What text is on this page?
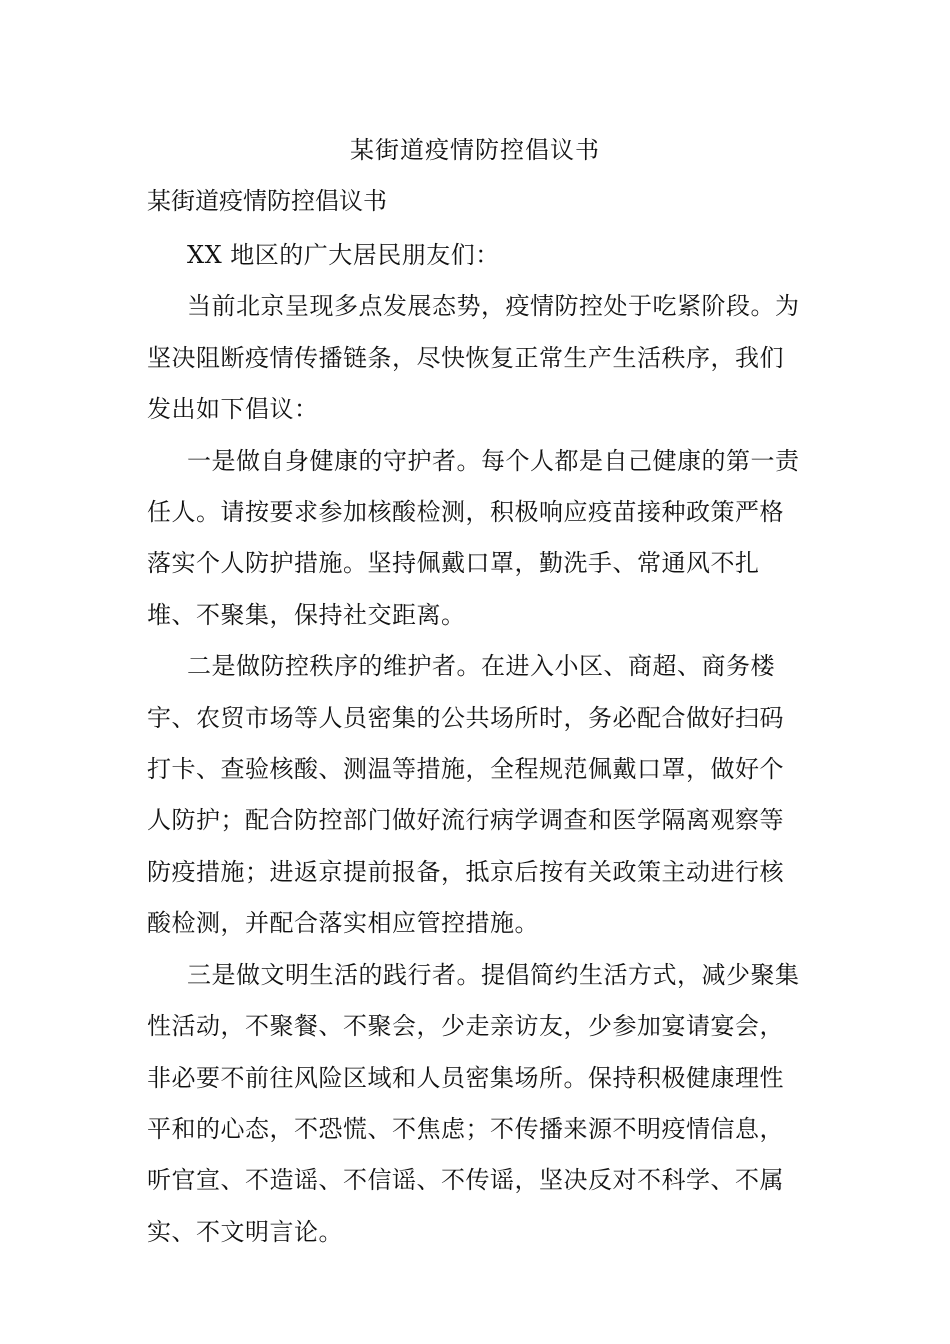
某街道疫情防控倡议书
某街道疫情防控倡议书

XX 地区的广大居民朋友们：

当前北京呈现多点发展态势，疫情防控处于吃紧阶段。为坚决阻断疫情传播链条，尽快恢复正常生产生活秩序，我们发出如下倡议：

一是做自身健康的守护者。每个人都是自己健康的第一责任人。请按要求参加核酸检测，积极响应疫苗接种政策严格落实个人防护措施。坚持佩戴口罩，勤洗手、常通风不扎堆、不聚集，保持社交距离。

二是做防控秩序的维护者。在进入小区、商超、商务楼宇、农贸市场等人员密集的公共场所时，务必配合做好扫码打卡、查验核酸、测温等措施，全程规范佩戴口罩，做好个人防护；配合防控部门做好流行病学调查和医学隔离观察等防疫措施；进返京提前报备，抵京后按有关政策主动进行核酸检测，并配合落实相应管控措施。

三是做文明生活的践行者。提倡简约生活方式，减少聚集性活动，不聚餐、不聚会，少走亲访友，少参加宴请宴会，非必要不前往风险区域和人员密集场所。保持积极健康理性平和的心态，不恐慌、不焦虑；不传播来源不明疫情信息，听官宣、不造谣、不信谣、不传谣，坚决反对不科学、不属实、不文明言论。
